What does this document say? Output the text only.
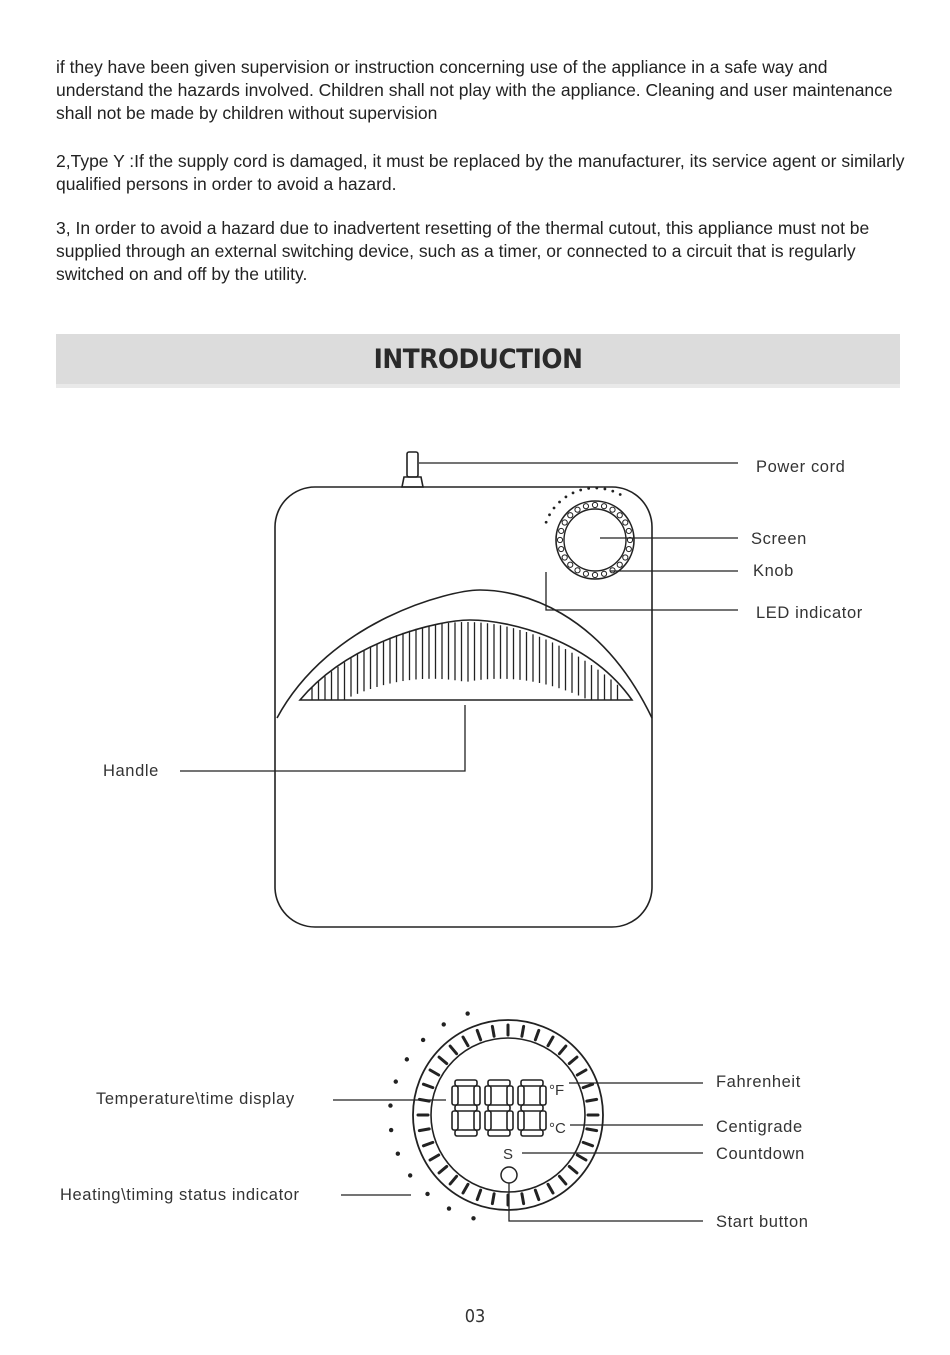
if they have been given supervision or instruction concerning use of the appliance in a safe way and understand the hazards involved. Children shall not play with the appliance. Cleaning and user maintenance shall not be made by children without supervision
2,Type Y :If the supply cord is damaged, it must be replaced by the manufacturer, its service agent or similarly qualified persons in order to avoid a hazard.
3, In order to avoid a hazard due to inadvertent resetting of the thermal cutout, this appliance must not be supplied through an external switching device, such as a timer, or connected to a circuit that is regularly switched on and off by the utility.
INTRODUCTION
Power cord
Screen
Knob
LED indicator
Handle
°F
°C
S
Temperature\time display
Heating\timing status indicator
Fahrenheit
Centigrade
Countdown
Start button
03
